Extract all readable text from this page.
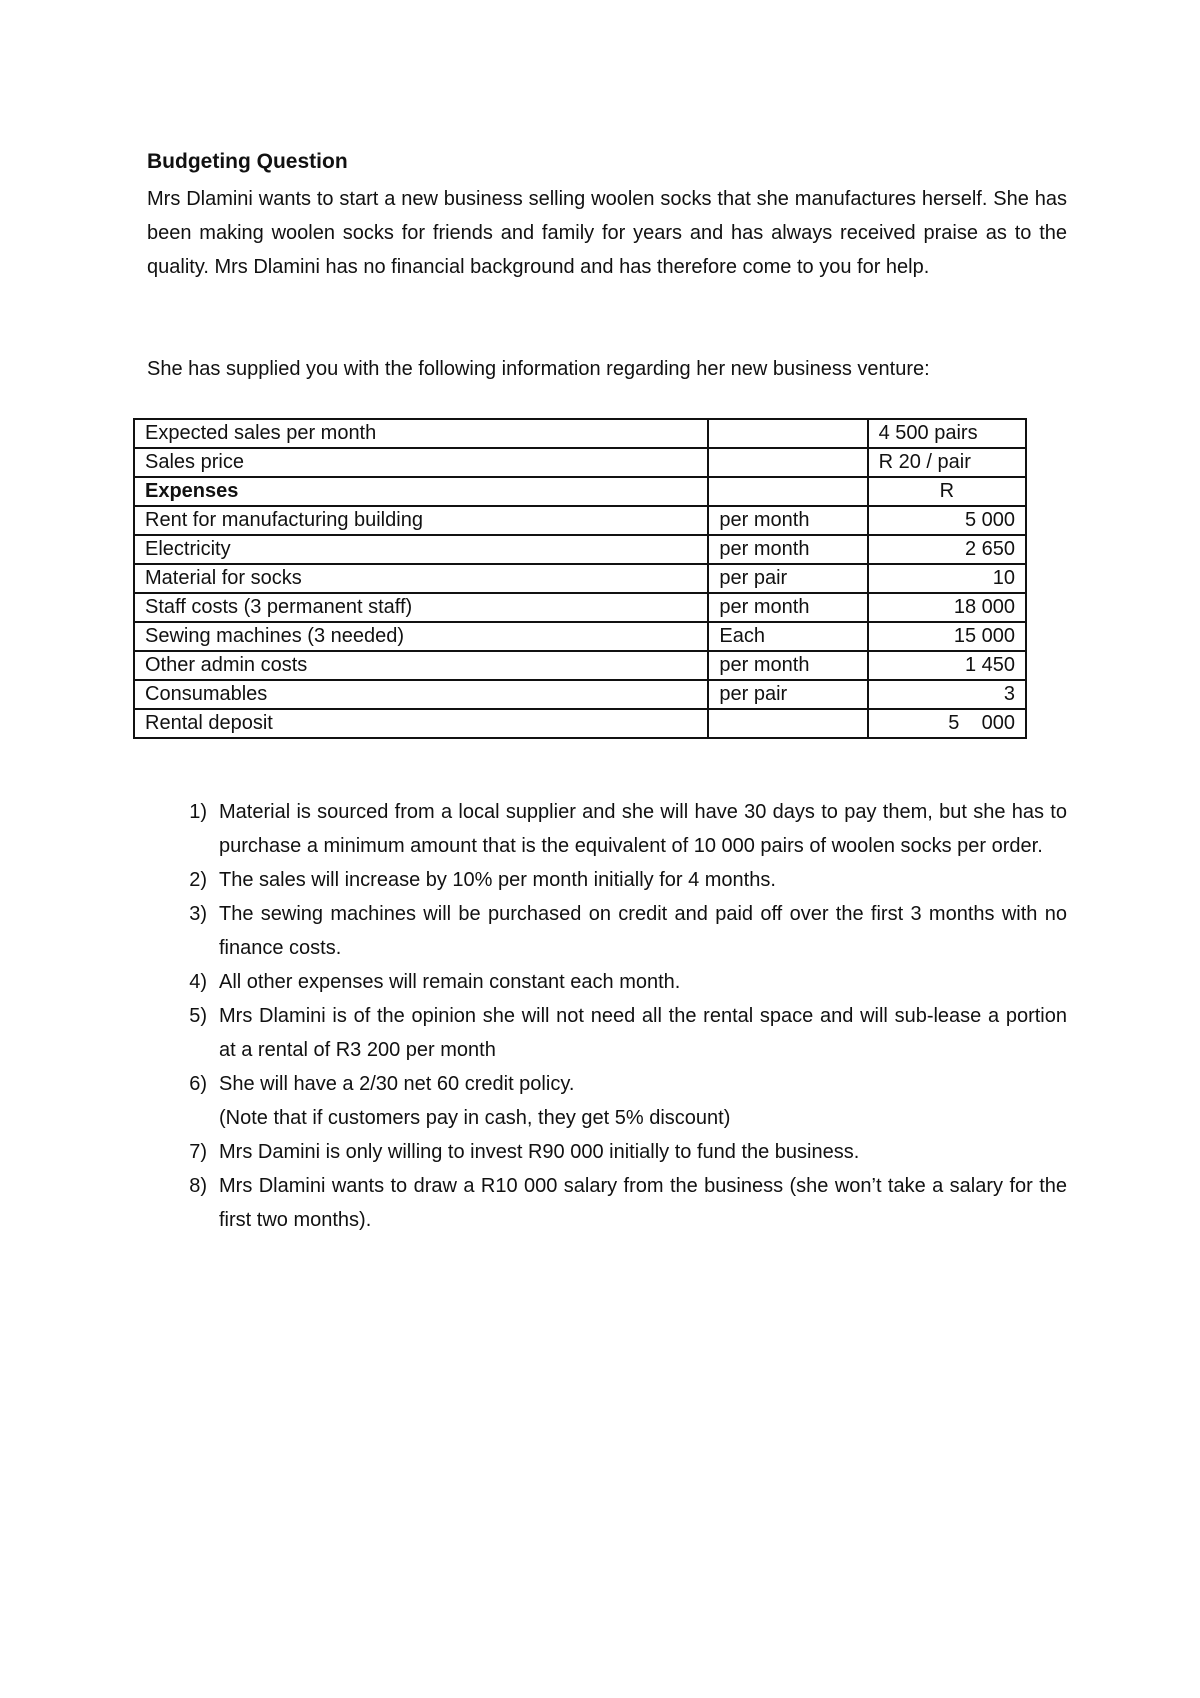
Budgeting Question

Mrs Dlamini wants to start a new business selling woolen socks that she manufactures herself. She has been making woolen socks for friends and family for years and has always received praise as to the quality. Mrs Dlamini has no financial background and has therefore come to you for help.

She has supplied you with the following information regarding her new business venture:

Expected sales per month		4 500 pairs
Sales price		R 20 / pair
Expenses		R
Rent for manufacturing building	per month	5 000
Electricity	per month	2 650
Material for socks	per pair	10
Staff costs (3 permanent staff)	per month	18 000
Sewing machines (3 needed)	Each	15 000
Other admin costs	per month	1 450
Consumables	per pair	3
Rental deposit		5    000
1) Material is sourced from a local supplier and she will have 30 days to pay them, but she has to purchase a minimum amount that is the equivalent of 10 000 pairs of woolen socks per order.
2) The sales will increase by 10% per month initially for 4 months.
3) The sewing machines will be purchased on credit and paid off over the first 3 months with no finance costs.
4) All other expenses will remain constant each month.
5) Mrs Dlamini is of the opinion she will not need all the rental space and will sub-lease a portion at a rental of R3 200 per month
6) She will have a 2/30 net 60 credit policy.
(Note that if customers pay in cash, they get 5% discount)
7) Mrs Damini is only willing to invest R90 000 initially to fund the business.
8) Mrs Dlamini wants to draw a R10 000 salary from the business (she won’t take a salary for the first two months).
